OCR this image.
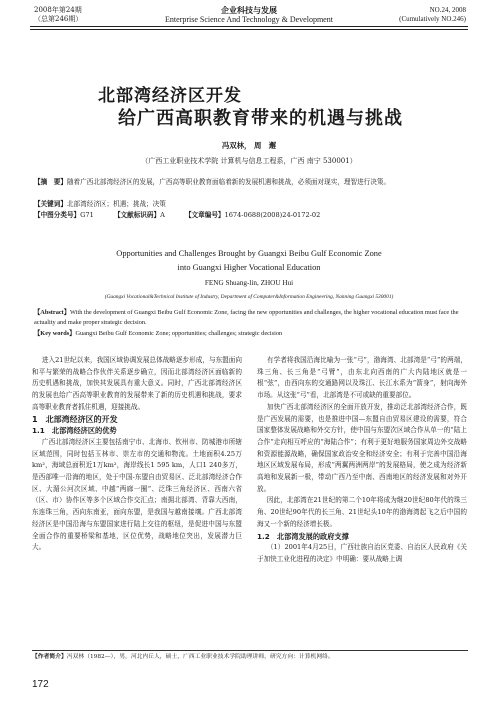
2008年第24期
（总第246期）
企业科技与发展
Enterprise Science And Technology & Development
NO.24, 2008
(Cumulatively NO.246)
北部湾经济区开发
给广西高职教育带来的机遇与挑战
冯双林， 周　邂
（广西工业职业技术学院 计算机与信息工程系，广西 南宁 530001）
【摘　要】随着广西北部湾经济区的发展，广西高等职业教育面临着新的发展机遇和挑战，必须面对现实，理智进行决策。
【关键词】北部湾经济区；机遇；挑战；决策
【中图分类号】G71	【文献标识码】A	【文章编号】1674-0688(2008)24-0172-02
Opportunities and Challenges Brought by Guangxi Beibu Gulf Economic Zone
into Guangxi Higher Vocational Education
FENG Shuang-lin, ZHOU Hui
(Guangxi Vocational&Technical Institute of Industry, Department of Computer&Information Engineering, Nanning Guangxi 530001)
【Abstract】With the development of Guangxi Beibu Gulf Economic Zone, facing the new opportunities and challenges, the higher vocational education must face the actuality and make proper strategic decision.
【Key words】Guangxi Beibu Gulf Economic Zone; opportunities; challenges; strategic decision

进入21世纪以来，我国区域协调发展总体战略逐步形成，与东盟面向和平与繁荣的战略合作伙伴关系逐步确立，因而北部湾经济区面临新的历史机遇和挑战，加快其发展具有重大意义。同时，广西北部湾经济区的发展也给广西高等职业教育的发展带来了新的历史机遇和挑战，要求高等职业教育者抓住机遇，迎接挑战。

1　北部湾经济区的开发

1.1　北部湾经济区的优势

广西北部湾经济区主要包括南宁市、北海市、钦州市、防城港市所辖区域范围，同时包括玉林市、崇左市的交通和物流。土地面积4.25万km²，海域总面积近1万km²，海岸线长1 595 km，人口1 240多万，是西部唯一沿海的地区，处于中国-东盟自由贸易区、泛北部湾经济合作区、大湄公河次区域、中越“两廊一圈”、泛珠三角经济区、西南六省（区、市）协作区等多个区域合作交汇点；南拥北部湾、背靠大西南，东连珠三角，西向东南亚，面向东盟，是我国与越南接壤。广西北部湾经济区是中国沿海与东盟国家进行陆上交往的枢纽，是促进中国与东盟全面合作的重要桥梁和基地，区位优势，战略地位突出，发展潜力巨大。

有学者将我国沿海比喻为一张“弓”，渤海湾、北部湾是“弓”的两端，珠三角、长三角是“弓臂”，由东北向西南的广大内陆地区就是一根“弦”，由西向东的交通路网以及珠江、长江水系为“箭身”，射向海外市场。从这张“弓”看，北部湾是不可或缺的重要部位。

加快广西北部湾经济区的全面开放开发，推动泛北部湾经济合作，既是广西发展的需要，也是推进中国—东盟自由贸易区建设的需要，符合国家整体发展战略和外交方针，使中国与东盟次区域合作从单一的“陆上合作”走向相互呼应的“海陆合作”；有利于更好地服务国家周边外交战略和资源能源战略，确保国家政治安全和经济安全；有利于完善中国沿海地区区域发展布局，形成“两翼两洲两岸”的发展格局，使之成为经济新高地和发展新一极，带动广西乃至中南、西南地区的经济发展和对外开放。

因此，北部湾在21世纪的第二个10年将成为继20世纪80年代的珠三角、20世纪90年代的长三角、21世纪头10年的渤海湾起飞之后中国的海又一个新的经济增长极。

1.2　北部湾发展的政府支撑

（1）2001年4月25日，广西壮族自治区党委、自治区人民政府《关于加快工业化进程的决定》中明确：要从战略上调

【作者简介】冯双林（1982—），男，河北内丘人，硕士，广西工业职业技术学院助理讲师，研究方向：计算机网络。
172
